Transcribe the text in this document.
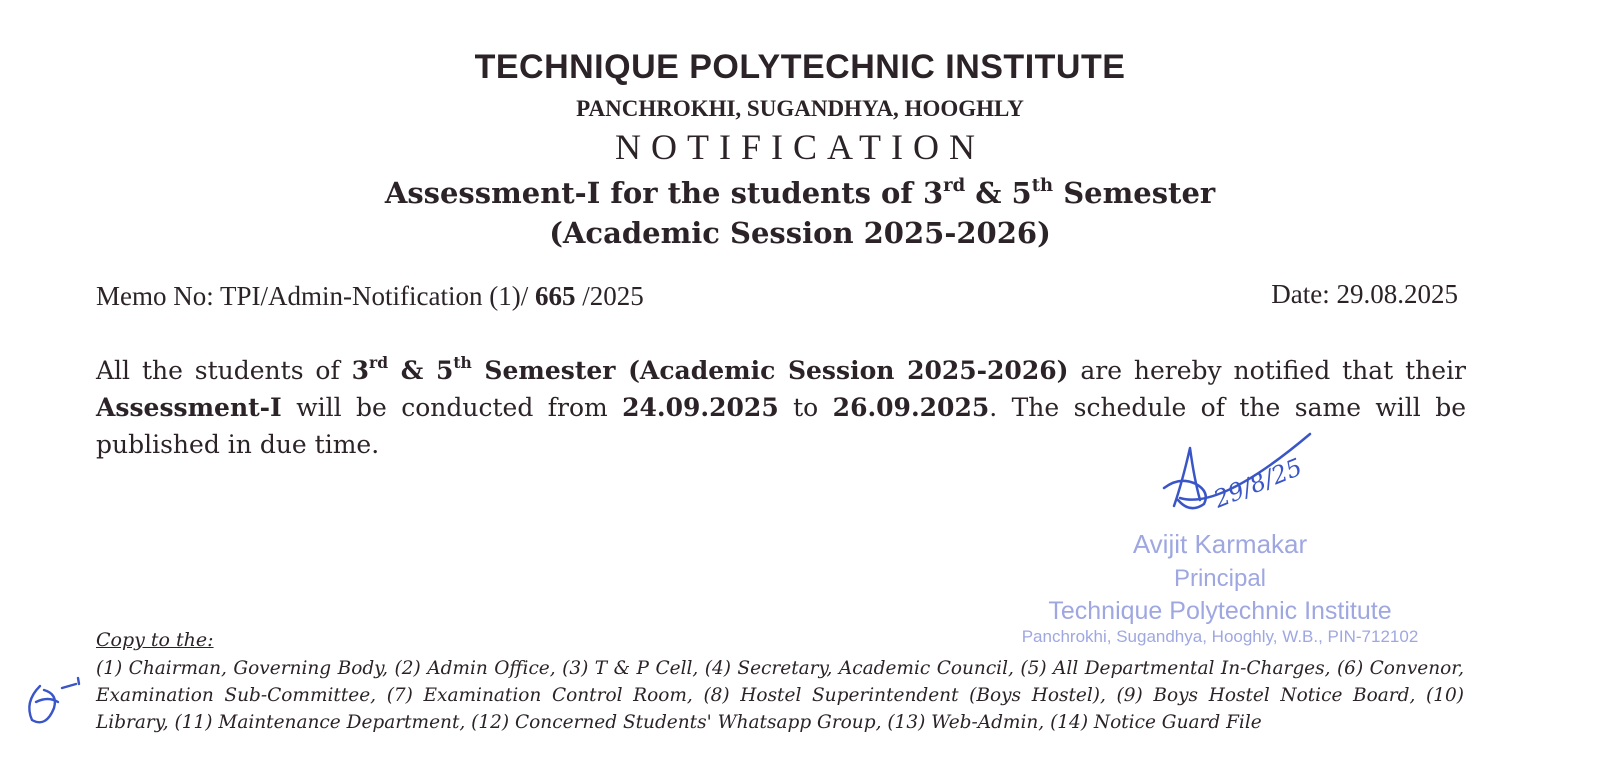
TECHNIQUE POLYTECHNIC INSTITUTE
PANCHROKHI, SUGANDHYA, HOOGHLY
NOTIFICATION
Assessment-I for the students of 3rd & 5th Semester
(Academic Session 2025-2026)
Memo No: TPI/Admin-Notification (1)/ 665 /2025	Date: 29.08.2025
All the students of 3rd & 5th Semester (Academic Session 2025-2026) are hereby notified that their Assessment-I will be conducted from 24.09.2025 to 26.09.2025. The schedule of the same will be published in due time.
29/8/25
Avijit Karmakar
Principal
Technique Polytechnic Institute
Panchrokhi, Sugandhya, Hooghly, W.B., PIN-712102
Copy to the:
(1) Chairman, Governing Body, (2) Admin Office, (3) T & P Cell, (4) Secretary, Academic Council, (5) All Departmental In-Charges, (6) Convenor, Examination Sub-Committee, (7) Examination Control Room, (8) Hostel Superintendent (Boys Hostel), (9) Boys Hostel Notice Board, (10) Library, (11) Maintenance Department, (12) Concerned Students' Whatsapp Group, (13) Web-Admin, (14) Notice Guard File
